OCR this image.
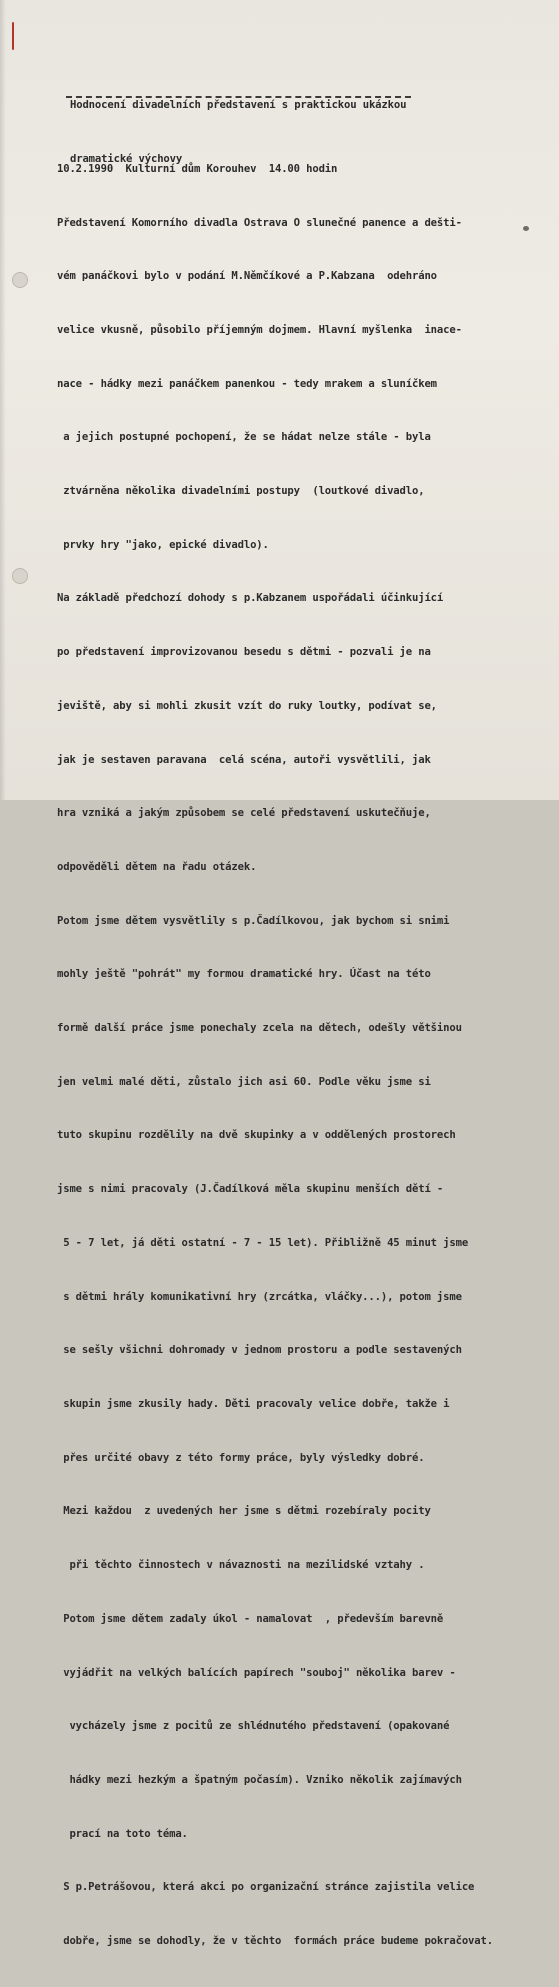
Hodnocení divadelních představení s praktickou ukázkou

dramatické výchovy

10.2.1990  Kulturní dům Korouhev  14.00 hodin

Představení Komorního divadla Ostrava O slunečné panence a dešti-

vém panáčkovi bylo v podání M.Němčíkové a P.Kabzana  odehráno

velice vkusně, působilo příjemným dojmem. Hlavní myšlenka  inace-

nace - hádky mezi panáčkem panenkou - tedy mrakem a sluníčkem

a jejich postupné pochopení, že se hádat nelze stále - byla

ztvárněna několika divadelními postupy  (loutkové divadlo,

prvky hry "jako, epické divadlo).

Na základě předchozí dohody s p.Kabzanem uspořádali účinkující

po představení improvizovanou besedu s dětmi - pozvali je na

jeviště, aby si mohli zkusit vzít do ruky loutky, podívat se,

jak je sestaven paravana  celá scéna, autoři vysvětlili, jak

hra vzniká a jakým způsobem se celé představení uskutečňuje,

odpověděli dětem na řadu otázek.

Potom jsme dětem vysvětlily s p.Čadílkovou, jak bychom si snimi

mohly ještě "pohrát" my formou dramatické hry. Účast na této

formě další práce jsme ponechaly zcela na dětech, odešly většinou

jen velmi malé děti, zůstalo jich asi 60. Podle věku jsme si

tuto skupinu rozdělily na dvě skupinky a v oddělených prostorech

jsme s nimi pracovaly (J.Čadílková měla skupinu menších dětí -

5 - 7 let, já děti ostatní - 7 - 15 let). Přibližně 45 minut jsme

s dětmi hrály komunikativní hry (zrcátka, vláčky...), potom jsme

se sešly všichni dohromady v jednom prostoru a podle sestavených

skupin jsme zkusily hady. Děti pracovaly velice dobře, takže i

přes určité obavy z této formy práce, byly výsledky dobré.

Mezi každou  z uvedených her jsme s dětmi rozebíraly pocity

při těchto činnostech v návaznosti na mezilidské vztahy .

Potom jsme dětem zadaly úkol - namalovat  , především barevně

vyjádřit na velkých balících papírech "souboj" několika barev -

vycházely jsme z pocitů ze shlédnutého představení (opakované

hádky mezi hezkým a špatným počasím). Vzniko několik zajímavých

prací na toto téma.

S p.Petrášovou, která akci po organizační stránce zajistila velice

dobře, jsme se dohodly, že v těchto  formách práce budeme pokračovat.
